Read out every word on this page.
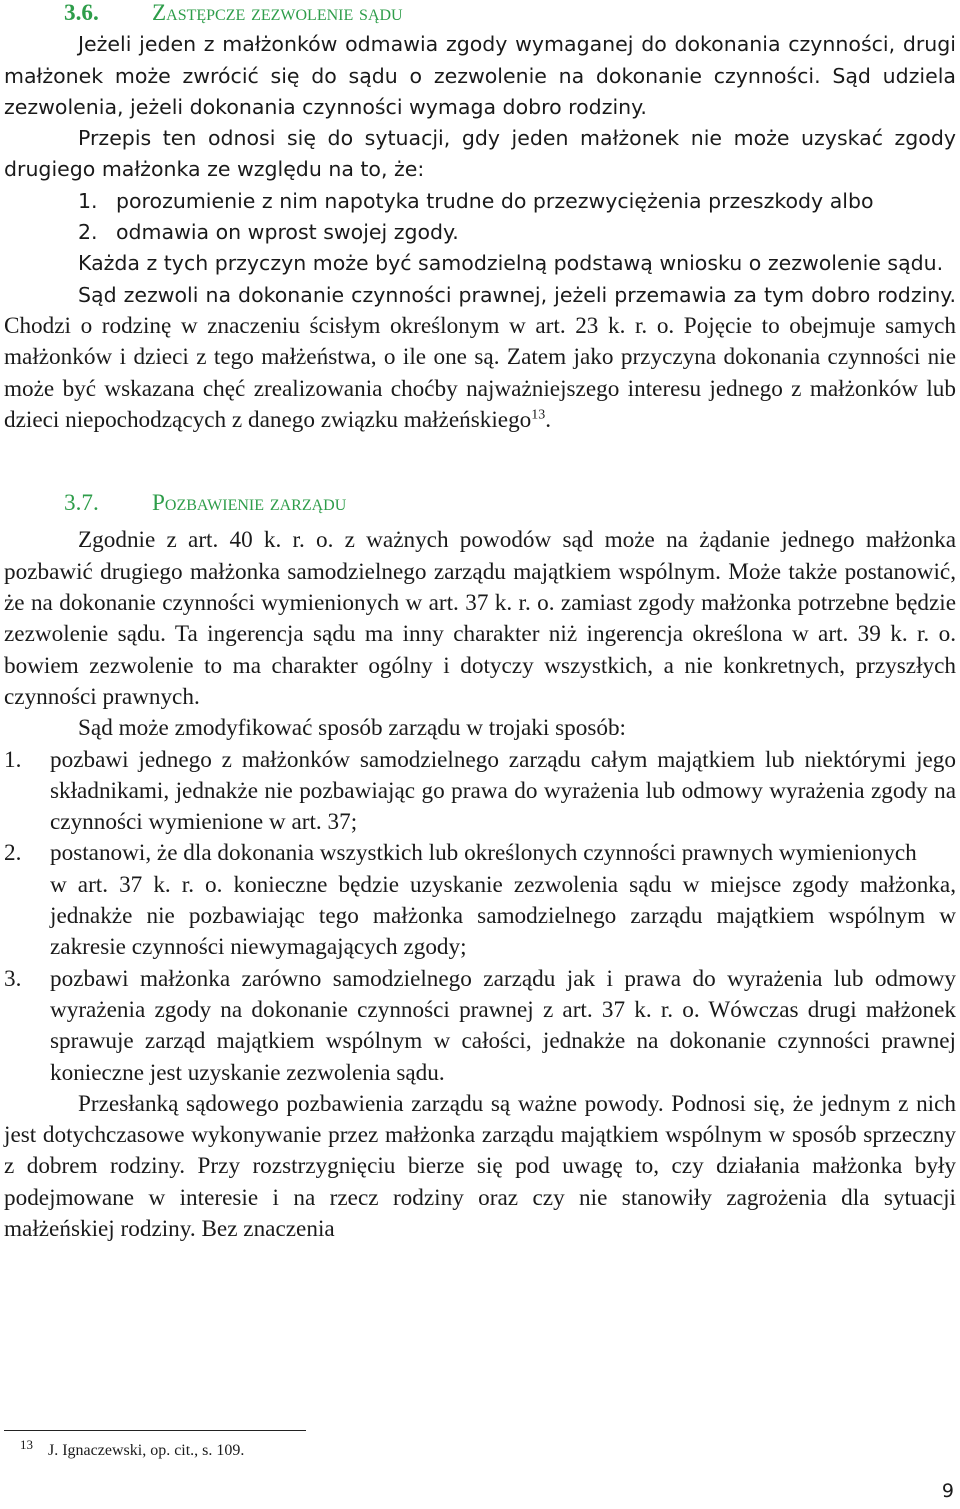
3.6.	Zastępcze zezwolenie sądu

Jeżeli jeden z małżonków odmawia zgody wymaganej do dokonania czynności, drugi małżonek może zwrócić się do sądu o zezwolenie na dokonanie czynności. Sąd udziela zezwolenia, jeżeli dokonania czynności wymaga dobro rodziny.

Przepis ten odnosi się do sytuacji, gdy jeden małżonek nie może uzyskać zgody drugiego małżonka ze względu na to, że:

1. porozumienie z nim napotyka trudne do przezwyciężenia przeszkody albo
2. odmawia on wprost swojej zgody.

Każda z tych przyczyn może być samodzielną podstawą wniosku o zezwolenie sądu.

Sąd zezwoli na dokonanie czynności prawnej, jeżeli przemawia za tym dobro rodziny. Chodzi o rodzinę w znaczeniu ścisłym określonym w art. 23 k. r. o. Pojęcie to obejmuje samych małżonków i dzieci z tego małżeństwa, o ile one są. Zatem jako przyczyna dokonania czynności nie może być wskazana chęć zrealizowania choćby najważniejszego interesu jednego z małżonków lub dzieci niepochodzących z danego związku małżeńskiego$^{13}$.

3.7.	Pozbawienie zarządu

Zgodnie z art. 40 k. r. o. z ważnych powodów sąd może na żądanie jednego małżonka pozbawić drugiego małżonka samodzielnego zarządu majątkiem wspólnym. Może także postanowić, że na dokonanie czynności wymienionych w art. 37 k. r. o. zamiast zgody małżonka potrzebne będzie zezwolenie sądu. Ta ingerencja sądu ma inny charakter niż ingerencja określona w art. 39 k. r. o. bowiem zezwolenie to ma charakter ogólny i dotyczy wszystkich, a nie konkretnych, przyszłych czynności prawnych.

Sąd może zmodyfikować sposób zarządu w trojaki sposób:

1.	pozbawi jednego z małżonków samodzielnego zarządu całym majątkiem lub niektórymi jego składnikami, jednakże nie pozbawiając go prawa do wyrażenia lub odmowy wyrażenia zgody na czynności wymienione w art. 37;
2.	postanowi, że dla dokonania wszystkich lub określonych czynności prawnych wymienionych
w art. 37 k. r. o. konieczne będzie uzyskanie zezwolenia sądu w miejsce zgody małżonka, jednakże nie pozbawiając tego małżonka samodzielnego zarządu majątkiem wspólnym w zakresie czynności niewymagających zgody;
3.	pozbawi małżonka zarówno samodzielnego zarządu jak i prawa do wyrażenia lub odmowy wyrażenia zgody na dokonanie czynności prawnej z art. 37 k. r. o. Wówczas drugi małżonek sprawuje zarząd majątkiem wspólnym w całości, jednakże na dokonanie czynności prawnej konieczne jest uzyskanie zezwolenia sądu.

Przesłanką sądowego pozbawienia zarządu są ważne powody. Podnosi się, że jednym z nich jest dotychczasowe wykonywanie przez małżonka zarządu majątkiem wspólnym w sposób sprzeczny z dobrem rodziny. Przy rozstrzygnięciu bierze się pod uwagę to, czy działania małżonka były podejmowane w interesie i na rzecz rodziny oraz czy nie stanowiły zagrożenia dla sytuacji małżeńskiej rodziny. Bez znaczenia

13 J. Ignaczewski, op. cit., s. 109.
9
